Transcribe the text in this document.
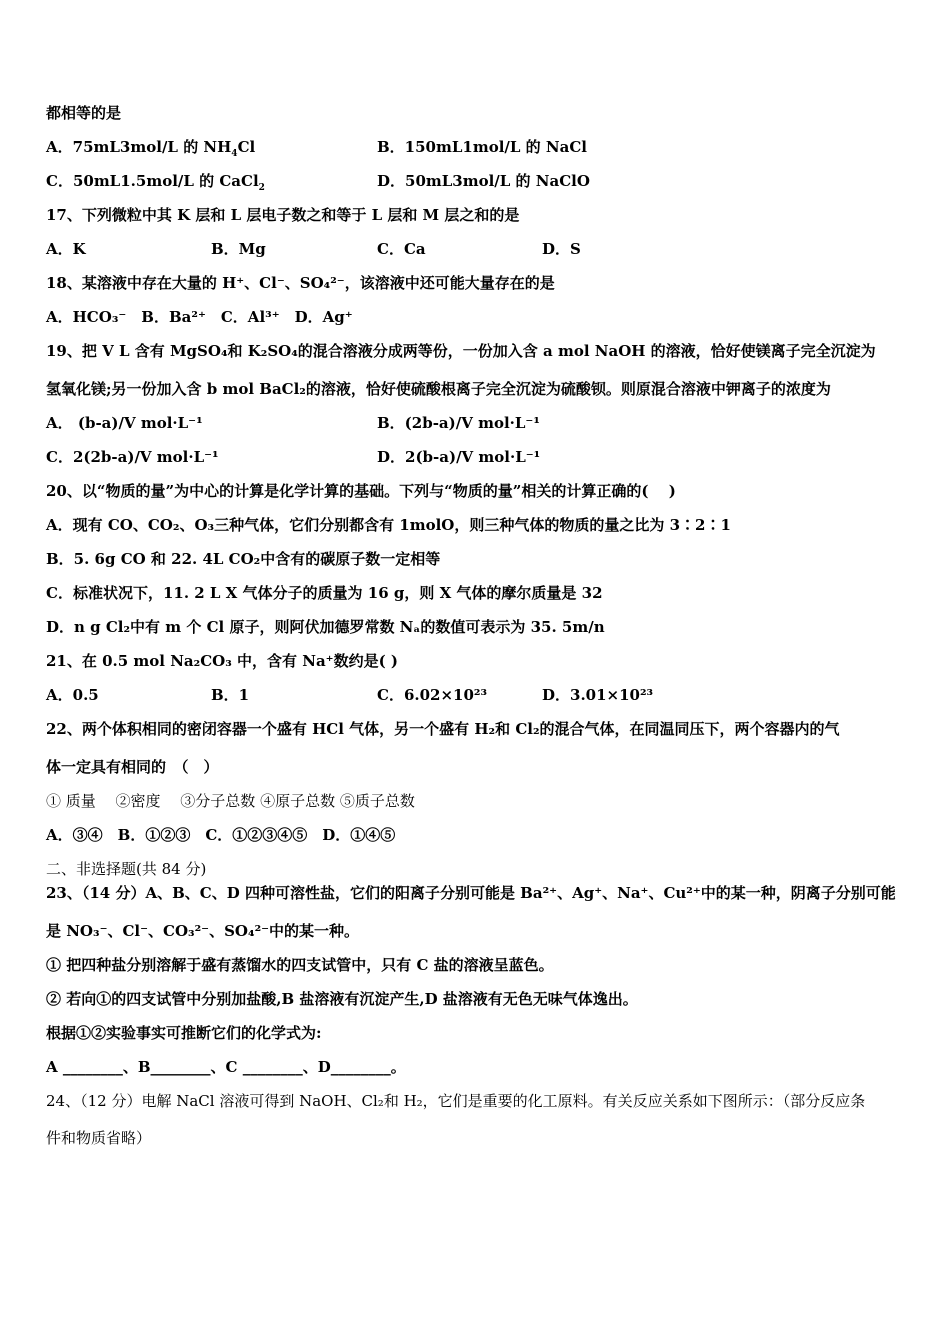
都相等的是
A．75mL3mol/L 的 $NH_4Cl$	B．150mL1mol/L 的 NaCl
C．50mL1.5mol/L 的 CaCl$_2$	D．50mL3mol/L 的 NaClO
17、下列微粒中其 K 层和 L 层电子数之和等于 L 层和 M 层之和的是
A．K	B．Mg	C．Ca	D．S
18、某溶液中存在大量的 H⁺、Cl⁻、SO₄²⁻，该溶液中还可能大量存在的是
A．HCO₃⁻　B．Ba²⁺　C．Al³⁺　D．Ag⁺
19、把 V L 含有 MgSO₄和 K₂SO₄的混合溶液分成两等份，一份加入含 a mol NaOH 的溶液，恰好使镁离子完全沉淀为
氢氧化镁;另一份加入含 b mol BaCl₂的溶液，恰好使硫酸根离子完全沉淀为硫酸钡。则原混合溶液中钾离子的浓度为
A． (b-a)/V mol·L⁻¹	B．(2b-a)/V mol·L⁻¹
C．2(2b-a)/V mol·L⁻¹	D．2(b-a)/V mol·L⁻¹
20、以“物质的量”为中心的计算是化学计算的基础。下列与“物质的量”相关的计算正确的(　 )
A．现有 CO、CO₂、O₃三种气体，它们分别都含有 1molO，则三种气体的物质的量之比为 3∶2∶1
B．5. 6g CO 和 22. 4L CO₂中含有的碳原子数一定相等
C．标准状况下，11. 2 L X 气体分子的质量为 16 g，则 X 气体的摩尔质量是 32
D．n g Cl₂中有 m 个 Cl 原子，则阿伏加德罗常数 Nₐ的数值可表示为 35. 5m/n
21、在 0.5 mol Na₂CO₃ 中，含有 Na⁺数约是( )
A．0.5	B．1	C．6.02×10²³	D．3.01×10²³
22、两个体积相同的密闭容器一个盛有 HCl 气体，另一个盛有 H₂和 Cl₂的混合气体，在同温同压下，两个容器内的气
体一定具有相同的　（　）
① 质量　 ②密度　 ③分子总数 ④原子总数 ⑤质子总数
A．③④　B．①②③　C．①②③④⑤　D．①④⑤
二、非选择题(共 84 分)
23、（14 分）A、B、C、D 四种可溶性盐，它们的阳离子分别可能是 Ba²⁺、Ag⁺、Na⁺、Cu²⁺中的某一种，阴离子分别可能
是 NO₃⁻、Cl⁻、CO₃²⁻、SO₄²⁻中的某一种。
① 把四种盐分别溶解于盛有蒸馏水的四支试管中，只有 C 盐的溶液呈蓝色。
② 若向①的四支试管中分别加盐酸,B 盐溶液有沉淀产生,D 盐溶液有无色无味气体逸出。
根据①②实验事实可推断它们的化学式为:
A ________、B________、C ________、D________。
24、（12 分）电解 NaCl 溶液可得到 NaOH、Cl₂和 H₂，它们是重要的化工原料。有关反应关系如下图所示：（部分反应条
件和物质省略）
